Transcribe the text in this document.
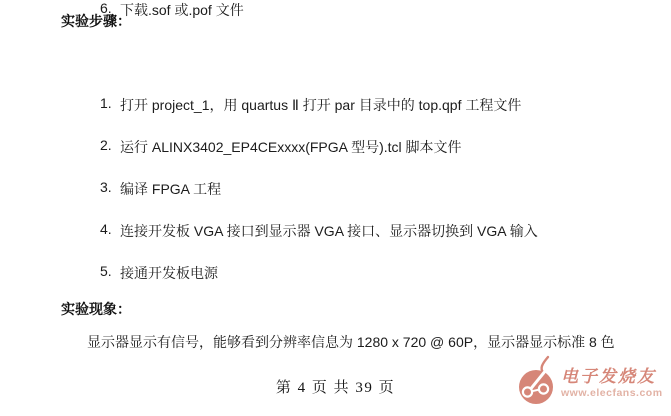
实验步骤：
1. 打开 project_1，用 quartus Ⅱ 打开 par 目录中的 top.qpf 工程文件
2. 运行 ALINX3402_EP4CExxxx(FPGA 型号).tcl 脚本文件
3. 编译 FPGA 工程
4. 连接开发板 VGA 接口到显示器 VGA 接口、显示器切换到 VGA 输入
5. 接通开发板电源
6. 下载.sof 或.pof 文件
实验现象：
显示器显示有信号，能够看到分辨率信息为 1280 x 720 @ 60P，显示器显示标准 8 色
第 4 页 共 39 页
电子发烧友
www.elecfans.com
